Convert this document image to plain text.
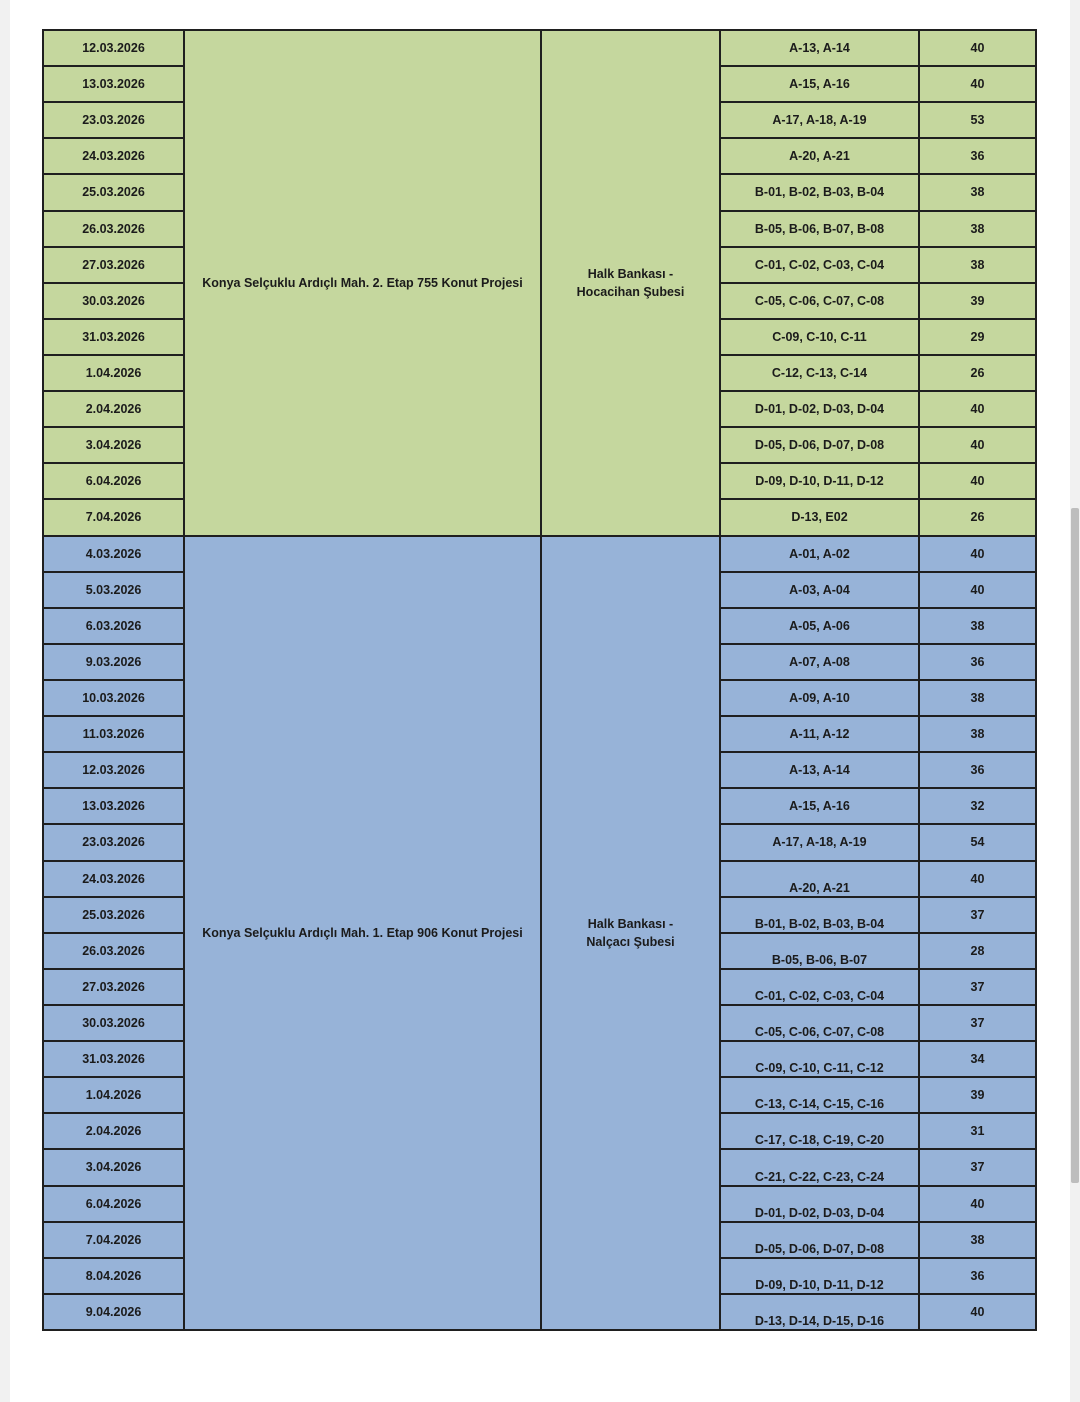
12.03.2026	Konya Selçuklu Ardıçlı Mah. 2. Etap 755 Konut Projesi	Halk Bankası -
Hocacihan Şubesi	A-13, A-14	40
13.03.2026			A-15, A-16	40
23.03.2026			A-17, A-18, A-19	53
24.03.2026			A-20, A-21	36
25.03.2026			B-01, B-02, B-03, B-04	38
26.03.2026			B-05, B-06, B-07, B-08	38
27.03.2026			C-01, C-02, C-03, C-04	38
30.03.2026			C-05, C-06, C-07, C-08	39
31.03.2026			C-09, C-10, C-11	29
1.04.2026			C-12, C-13, C-14	26
2.04.2026			D-01, D-02, D-03, D-04	40
3.04.2026			D-05, D-06, D-07, D-08	40
6.04.2026			D-09, D-10, D-11, D-12	40
7.04.2026			D-13, E02	26
4.03.2026	Konya Selçuklu Ardıçlı Mah. 1. Etap 906 Konut Projesi	Halk Bankası -
Nalçacı Şubesi	A-01, A-02	40
5.03.2026			A-03, A-04	40
6.03.2026			A-05, A-06	38
9.03.2026			A-07, A-08	36
10.03.2026			A-09, A-10	38
11.03.2026			A-11, A-12	38
12.03.2026			A-13, A-14	36
13.03.2026			A-15, A-16	32
23.03.2026			A-17, A-18, A-19	54
24.03.2026			A-20, A-21	40
25.03.2026			B-01, B-02, B-03, B-04	37
26.03.2026			B-05, B-06, B-07	28
27.03.2026			C-01, C-02, C-03, C-04	37
30.03.2026			C-05, C-06, C-07, C-08	37
31.03.2026			C-09, C-10, C-11, C-12	34
1.04.2026			C-13, C-14, C-15, C-16	39
2.04.2026			C-17, C-18, C-19, C-20	31
3.04.2026			C-21, C-22, C-23, C-24	37
6.04.2026			D-01, D-02, D-03, D-04	40
7.04.2026			D-05, D-06, D-07, D-08	38
8.04.2026			D-09, D-10, D-11, D-12	36
9.04.2026			D-13, D-14, D-15, D-16	40
